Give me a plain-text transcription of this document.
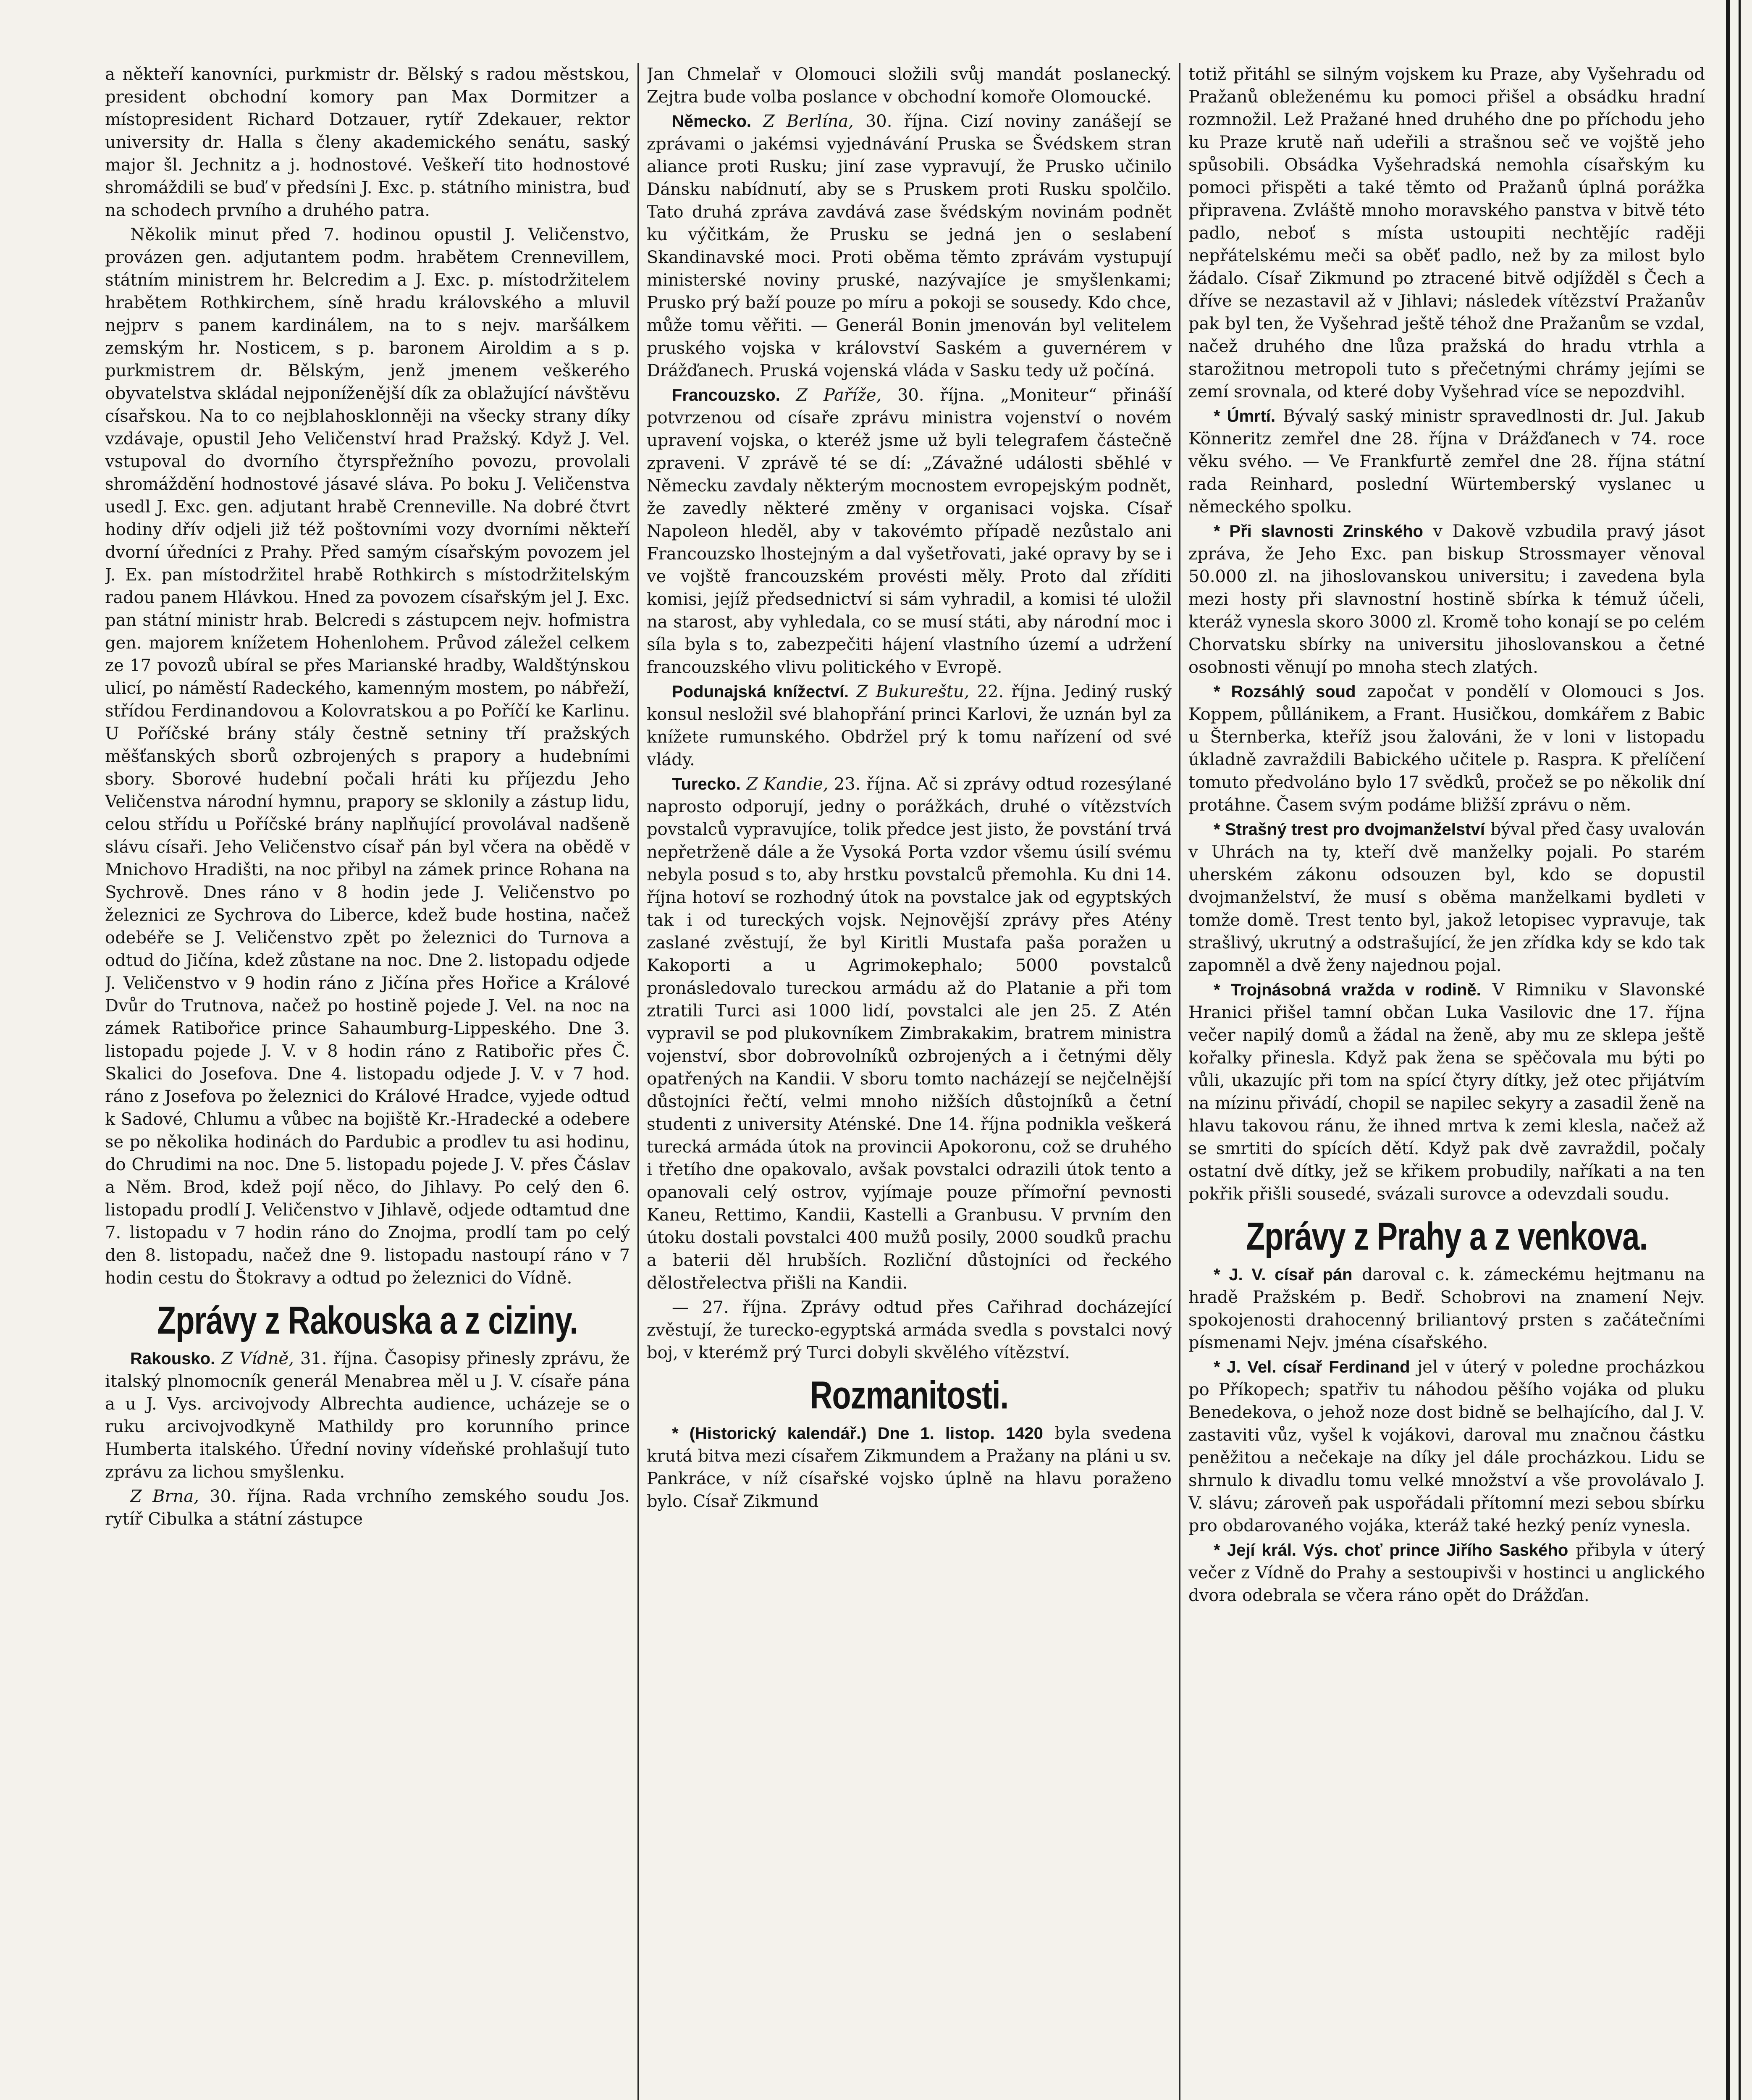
a někteří kanovníci, purkmistr dr. Bělský s radou městskou, president obchodní komory pan Max Dormitzer a místopresident Richard Dotzauer, rytíř Zdekauer, rektor university dr. Halla s členy akademického senátu, saský major šl. Jechnitz a j. hodnostové. Veškeří tito hodnostové shromáždili se buď v předsíni J. Exc. p. státního ministra, buď na schodech prvního a druhého patra.

Několik minut před 7. hodinou opustil J. Veličenstvo, provázen gen. adjutantem podm. hrabětem Crennevillem, státním ministrem hr. Belcredim a J. Exc. p. místodržitelem hrabětem Rothkirchem, síně hradu královského a mluvil nejprv s panem kardinálem, na to s nejv. maršálkem zemským hr. Nosticem, s p. baronem Airoldim a s p. purkmistrem dr. Bělským, jenž jmenem veškerého obyvatelstva skládal nejponíženější dík za oblažující návštěvu císařskou. Na to co nejblahosklonněji na všecky strany díky vzdávaje, opustil Jeho Veličenství hrad Pražský. Když J. Vel. vstupoval do dvorního čtyrspřežního povozu, provolali shromáždění hodnostové jásavé sláva. Po boku J. Veličenstva usedl J. Exc. gen. adjutant hrabě Crenneville. Na dobré čtvrt hodiny dřív odjeli již též poštovními vozy dvorními někteří dvorní úředníci z Prahy. Před samým císařským povozem jel J. Ex. pan místodržitel hrabě Rothkirch s místodržitelským radou panem Hlávkou. Hned za povozem císařským jel J. Exc. pan státní ministr hrab. Belcredi s zástupcem nejv. hofmistra gen. majorem knížetem Hohenlohem. Průvod záležel celkem ze 17 povozů ubíral se přes Marianské hradby, Waldštýnskou ulicí, po náměstí Radeckého, kamenným mostem, po nábřeží, střídou Ferdinandovou a Kolovratskou a po Poříčí ke Karlinu. U Poříčské brány stály čestně setniny tří pražských měšťanských sborů ozbrojených s prapory a hudebními sbory. Sborové hudební počali hráti ku příjezdu Jeho Veličenstva národní hymnu, prapory se sklonily a zástup lidu, celou střídu u Poříčské brány naplňující provolával nadšeně slávu císaři. Jeho Veličenstvo císař pán byl včera na obědě v Mnichovo Hradišti, na noc přibyl na zámek prince Rohana na Sychrově. Dnes ráno v 8 hodin jede J. Veličenstvo po železnici ze Sychrova do Liberce, kdež bude hostina, načež odebéře se J. Veličenstvo zpět po železnici do Turnova a odtud do Jičína, kdež zůstane na noc. Dne 2. listopadu odjede J. Veličenstvo v 9 hodin ráno z Jičína přes Hořice a Králové Dvůr do Trutnova, načež po hostině pojede J. Vel. na noc na zámek Ratibořice prince Sahaumburg-Lippeského. Dne 3. listopadu pojede J. V. v 8 hodin ráno z Ratibořic přes Č. Skalici do Josefova. Dne 4. listopadu odjede J. V. v 7 hod. ráno z Josefova po železnici do Králové Hradce, vyjede odtud k Sadové, Chlumu a vůbec na bojiště Kr.-Hradecké a odebere se po několika hodinách do Pardubic a prodlev tu asi hodinu, do Chrudimi na noc. Dne 5. listopadu pojede J. V. přes Čáslav a Něm. Brod, kdež pojí něco, do Jihlavy. Po celý den 6. listopadu prodlí J. Veličenstvo v Jihlavě, odjede odtamtud dne 7. listopadu v 7 hodin ráno do Znojma, prodlí tam po celý den 8. listopadu, načež dne 9. listopadu nastoupí ráno v 7 hodin cestu do Štokravy a odtud po železnici do Vídně.

Zprávy z Rakouska a z ciziny.

Rakousko. Z Vídně, 31. října. Časopisy přinesly zprávu, že italský plnomocník generál Menabrea měl u J. V. císaře pána a u J. Vys. arcivojvody Albrechta audience, ucházeje se o ruku arcivojvodkyně Mathildy pro korunního prince Humberta italského. Úřední noviny vídeňské prohlašují tuto zprávu za lichou smyšlenku.

Z Brna, 30. října. Rada vrchního zemského soudu Jos. rytíř Cibulka a státní zástupce

Jan Chmelař v Olomouci složili svůj mandát poslanecký. Zejtra bude volba poslance v obchodní komoře Olomoucké.

Německo. Z Berlína, 30. října. Cizí noviny zanášejí se zprávami o jakémsi vyjednávání Pruska se Švédskem stran aliance proti Rusku; jiní zase vypravují, že Prusko učinilo Dánsku nabídnutí, aby se s Pruskem proti Rusku spolčilo. Tato druhá zpráva zavdává zase švédským novinám podnět ku výčitkám, že Prusku se jedná jen o seslabení Skandinavské moci. Proti oběma těmto zprávám vystupují ministerské noviny pruské, nazývajíce je smyšlenkami; Prusko prý baží pouze po míru a pokoji se sousedy. Kdo chce, může tomu věřiti. — Generál Bonin jmenován byl velitelem pruského vojska v království Saském a guvernérem v Drážďanech. Pruská vojenská vláda v Sasku tedy už počíná.

Francouzsko. Z Paříže, 30. října. „Moniteur“ přináší potvrzenou od císaře zprávu ministra vojenství o novém upravení vojska, o kteréž jsme už byli telegrafem částečně zpraveni. V zprávě té se dí: „Závažné události sběhlé v Německu zavdaly některým mocnostem evropejským podnět, že zavedly některé změny v organisaci vojska. Císař Napoleon hleděl, aby v takovémto případě nezůstalo ani Francouzsko lhostejným a dal vyšetřovati, jaké opravy by se i ve vojště francouzském provésti měly. Proto dal zříditi komisi, jejíž předsednictví si sám vyhradil, a komisi té uložil na starost, aby vyhledala, co se musí státi, aby národní moc i síla byla s to, zabezpečiti hájení vlastního území a udržení francouzského vlivu politického v Evropě.

Podunajská knížectví. Z Bukureštu, 22. října. Jediný ruský konsul nesložil své blahopřání princi Karlovi, že uznán byl za knížete rumunského. Obdržel prý k tomu nařízení od své vlády.

Turecko. Z Kandie, 23. října. Ač si zprávy odtud rozesýlané naprosto odporují, jedny o porážkách, druhé o vítězstvích povstalců vypravujíce, tolik předce jest jisto, že povstání trvá nepřetrženě dále a že Vysoká Porta vzdor všemu úsilí svému nebyla posud s to, aby hrstku povstalců přemohla. Ku dni 14. října hotoví se rozhodný útok na povstalce jak od egyptských tak i od tureckých vojsk. Nejnovější zprávy přes Atény zaslané zvěstují, že byl Kiritli Mustafa paša poražen u Kakoporti a u Agrimokephalo; 5000 povstalců pronásledovalo tureckou armádu až do Platanie a při tom ztratili Turci asi 1000 lidí, povstalci ale jen 25. Z Atén vypravil se pod plukovníkem Zimbrakakim, bratrem ministra vojenství, sbor dobrovolníků ozbrojených a i četnými děly opatřených na Kandii. V sboru tomto nacházejí se nejčelnější důstojníci řečtí, velmi mnoho nižších důstojníků a četní studenti z university Aténské. Dne 14. října podnikla veškerá turecká armáda útok na provincii Apokoronu, což se druhého i třetího dne opakovalo, avšak povstalci odrazili útok tento a opanovali celý ostrov, vyjímaje pouze přímořní pevnosti Kaneu, Rettimo, Kandii, Kastelli a Granbusu. V prvním den útoku dostali povstalci 400 mužů posily, 2000 soudků prachu a baterii děl hrubších. Rozliční důstojníci od řeckého dělostřelectva přišli na Kandii.

— 27. října. Zprávy odtud přes Cařihrad docházející zvěstují, že turecko-egyptská armáda svedla s povstalci nový boj, v kterémž prý Turci dobyli skvělého vítězství.

Rozmanitosti.

* (Historický kalendář.) Dne 1. listop. 1420 byla svedena krutá bitva mezi císařem Zikmundem a Pražany na pláni u sv. Pankráce, v níž císařské vojsko úplně na hlavu poraženo bylo. Císař Zikmund

totiž přitáhl se silným vojskem ku Praze, aby Vyšehradu od Pražanů obleženému ku pomoci přišel a obsádku hradní rozmnožil. Lež Pražané hned druhého dne po příchodu jeho ku Praze krutě naň udeřili a strašnou seč ve vojště jeho spůsobili. Obsádka Vyšehradská nemohla císařským ku pomoci přispěti a také těmto od Pražanů úplná porážka připravena. Zvláště mnoho moravského panstva v bitvě této padlo, neboť s místa ustoupiti nechtějíc raději nepřátelskému meči sa oběť padlo, než by za milost bylo žádalo. Císař Zikmund po ztracené bitvě odjížděl s Čech a dříve se nezastavil až v Jihlavi; následek vítězství Pražanův pak byl ten, že Vyšehrad ještě téhož dne Pražanům se vzdal, načež druhého dne lůza pražská do hradu vtrhla a starožitnou metropoli tuto s přečetnými chrámy jejími se zemí srovnala, od které doby Vyšehrad více se nepozdvihl.

* Úmrtí. Bývalý saský ministr spravedlnosti dr. Jul. Jakub Könneritz zemřel dne 28. října v Drážďanech v 74. roce věku svého. — Ve Frankfurtě zemřel dne 28. října státní rada Reinhard, poslední Würtemberský vyslanec u německého spolku.

* Při slavnosti Zrinského v Dakově vzbudila pravý jásot zpráva, že Jeho Exc. pan biskup Strossmayer věnoval 50.000 zl. na jihoslovanskou universitu; i zavedena byla mezi hosty při slavnostní hostině sbírka k témuž účeli, kteráž vynesla skoro 3000 zl. Kromě toho konají se po celém Chorvatsku sbírky na universitu jihoslovanskou a četné osobnosti věnují po mnoha stech zlatých.

* Rozsáhlý soud započat v pondělí v Olomouci s Jos. Koppem, půllánikem, a Frant. Husičkou, domkářem z Babic u Šternberka, kteříž jsou žalováni, že v loni v listopadu úkladně zavraždili Babického učitele p. Raspra. K přelíčení tomuto předvoláno bylo 17 svědků, pročež se po několik dní protáhne. Časem svým podáme bližší zprávu o něm.

* Strašný trest pro dvojmanželství býval před časy uvalován v Uhrách na ty, kteří dvě manželky pojali. Po starém uherském zákonu odsouzen byl, kdo se dopustil dvojmanželství, že musí s oběma manželkami bydleti v tomže domě. Trest tento byl, jakož letopisec vypravuje, tak strašlivý, ukrutný a odstrašující, že jen zřídka kdy se kdo tak zapomněl a dvě ženy najednou pojal.

* Trojnásobná vražda v rodině. V Rimniku v Slavonské Hranici přišel tamní občan Luka Vasilovic dne 17. října večer napilý domů a žádal na ženě, aby mu ze sklepa ještě kořalky přinesla. Když pak žena se spěčovala mu býti po vůli, ukazujíc při tom na spící čtyry dítky, jež otec přijátvím na mízinu přivádí, chopil se napilec sekyry a zasadil ženě na hlavu takovou ránu, že ihned mrtva k zemi klesla, načež až se smrtiti do spících dětí. Když pak dvě zavraždil, počaly ostatní dvě dítky, jež se křikem probudily, naříkati a na ten pokřik přišli sousedé, svázali surovce a odevzdali soudu.

Zprávy z Prahy a z venkova.

* J. V. císař pán daroval c. k. zámeckému hejtmanu na hradě Pražském p. Bedř. Schobrovi na znamení Nejv. spokojenosti drahocenný briliantový prsten s začátečními písmenami Nejv. jména císařského.

* J. Vel. císař Ferdinand jel v úterý v poledne procházkou po Příkopech; spatřiv tu náhodou pěšího vojáka od pluku Benedekova, o jehož noze dost bidně se belhajícího, dal J. V. zastaviti vůz, vyšel k vojákovi, daroval mu značnou částku peněžitou a nečekaje na díky jel dále procházkou. Lidu se shrnulo k divadlu tomu velké množství a vše provolávalo J. V. slávu; zároveň pak uspořádali přítomní mezi sebou sbírku pro obdarovaného vojáka, kteráž také hezký peníz vynesla.

* Její král. Výs. choť prince Jiřího Saského přibyla v úterý večer z Vídně do Prahy a sestoupivši v hostinci u anglického dvora odebrala se včera ráno opět do Drážďan.
